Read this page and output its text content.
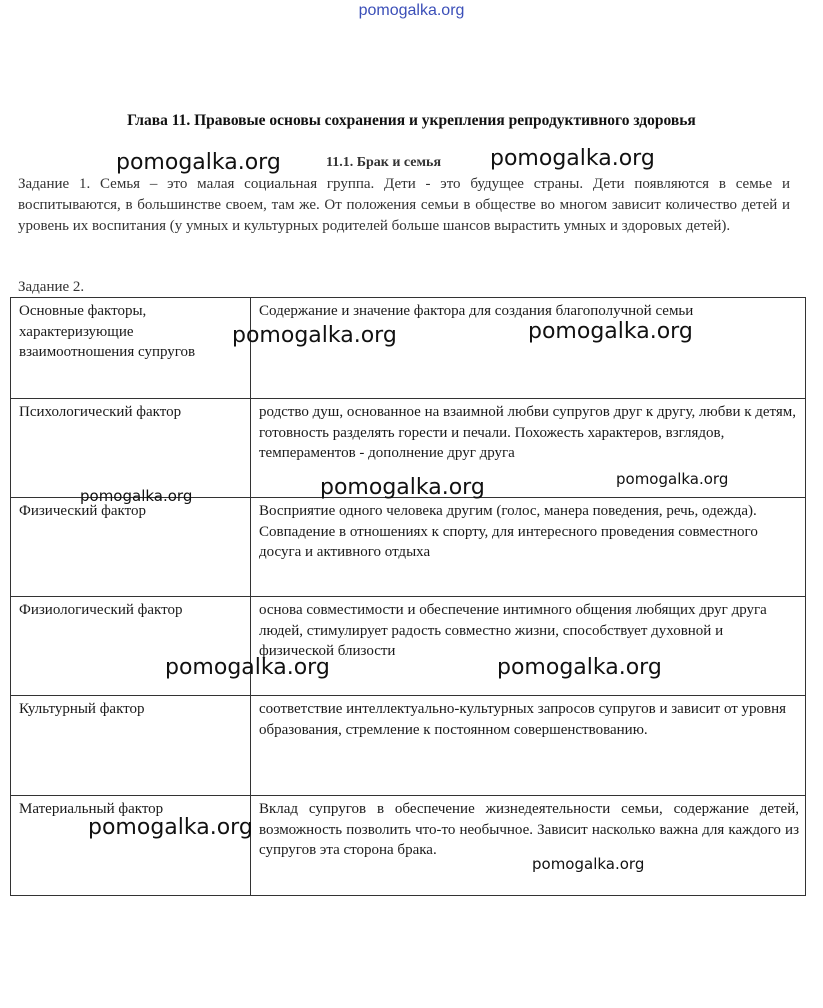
pomogalka.org
Глава 11. Правовые основы сохранения и укрепления репродуктивного здоровья
11.1. Брак и семья
Задание 1. Семья – это малая социальная группа. Дети - это будущее страны. Дети появляются в семье и воспитываются, в большинстве своем, там же. От положения семьи в обществе во многом зависит количество детей и уровень их воспитания (у умных и культурных родителей больше шансов вырастить умных и здоровых детей).
Задание 2.
Основные факторы, характеризующие взаимоотношения супругов	Содержание и значение фактора для создания благополучной семьи
Психологический фактор	родство душ, основанное на взаимной любви супругов друг к другу, любви к детям, готовность разделять горести и печали. Похожесть характеров, взглядов, темпераментов - дополнение друг друга
Физический фактор	Восприятие одного человека другим (голос, манера поведения, речь, одежда). Совпадение в отношениях к спорту, для интересного проведения совместного досуга и активного отдыха
Физиологический фактор	основа совместимости и обеспечение интимного общения любящих друг друга людей, стимулирует радость совместно жизни, способствует духовной и физической близости
Культурный фактор	соответствие интеллектуально-культурных запросов супругов и зависит от уровня образования, стремление к постоянном совершенствованию.
Материальный фактор	Вклад супругов в обеспечение жизнедеятельности семьи, содержание детей, возможность позволить что-то необычное. Зависит насколько важна для каждого из супругов эта сторона брака.
pomogalka.org	pomogalka.org
pomogalka.org	pomogalka.org
pomogalka.org	pomogalka.org	pomogalka.org
pomogalka.org	pomogalka.org
pomogalka.org
pomogalka.org
